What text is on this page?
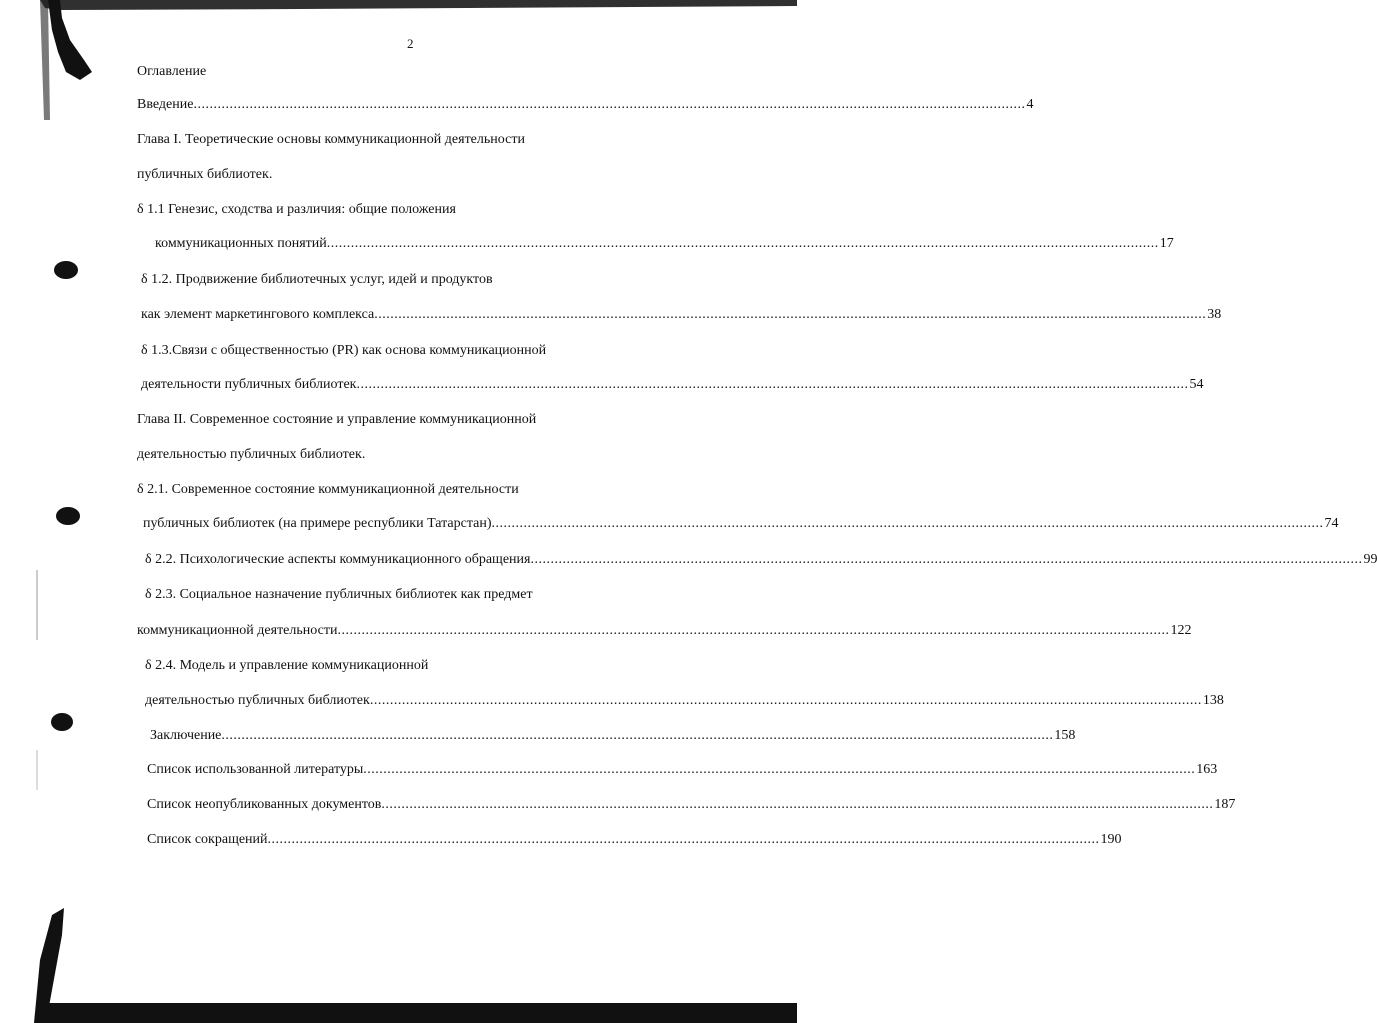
2
Оглавление
Введение ................................................................................................................................................................................................................ 4
Глава I. Теоретические основы коммуникационной деятельности
публичных библиотек.
δ 1.1 Генезис, сходства и различия: общие положения
коммуникационных понятий ................................................................................................................................................................................................................ 17
δ 1.2. Продвижение библиотечных услуг, идей и продуктов
как элемент маркетингового комплекса ................................................................................................................................................................................................................ 38
δ 1.3.Связи с общественностью (PR) как основа коммуникационной
деятельности публичных библиотек ................................................................................................................................................................................................................ 54
Глава II. Современное состояние и управление коммуникационной
деятельностью публичных библиотек.
δ 2.1. Современное состояние коммуникационной деятельности
публичных библиотек (на примере республики Татарстан) ................................................................................................................................................................................................................ 74
δ 2.2. Психологические аспекты коммуникационного обращения ................................................................................................................................................................................................................ 99
δ 2.3. Социальное назначение публичных библиотек как предмет
коммуникационной деятельности ................................................................................................................................................................................................................ 122
δ 2.4. Модель и управление коммуникационной
деятельностью публичных библиотек ................................................................................................................................................................................................................ 138
Заключение ................................................................................................................................................................................................................ 158
Список использованной литературы ................................................................................................................................................................................................................ 163
Список неопубликованных документов ................................................................................................................................................................................................................ 187
Список сокращений ................................................................................................................................................................................................................ 190
